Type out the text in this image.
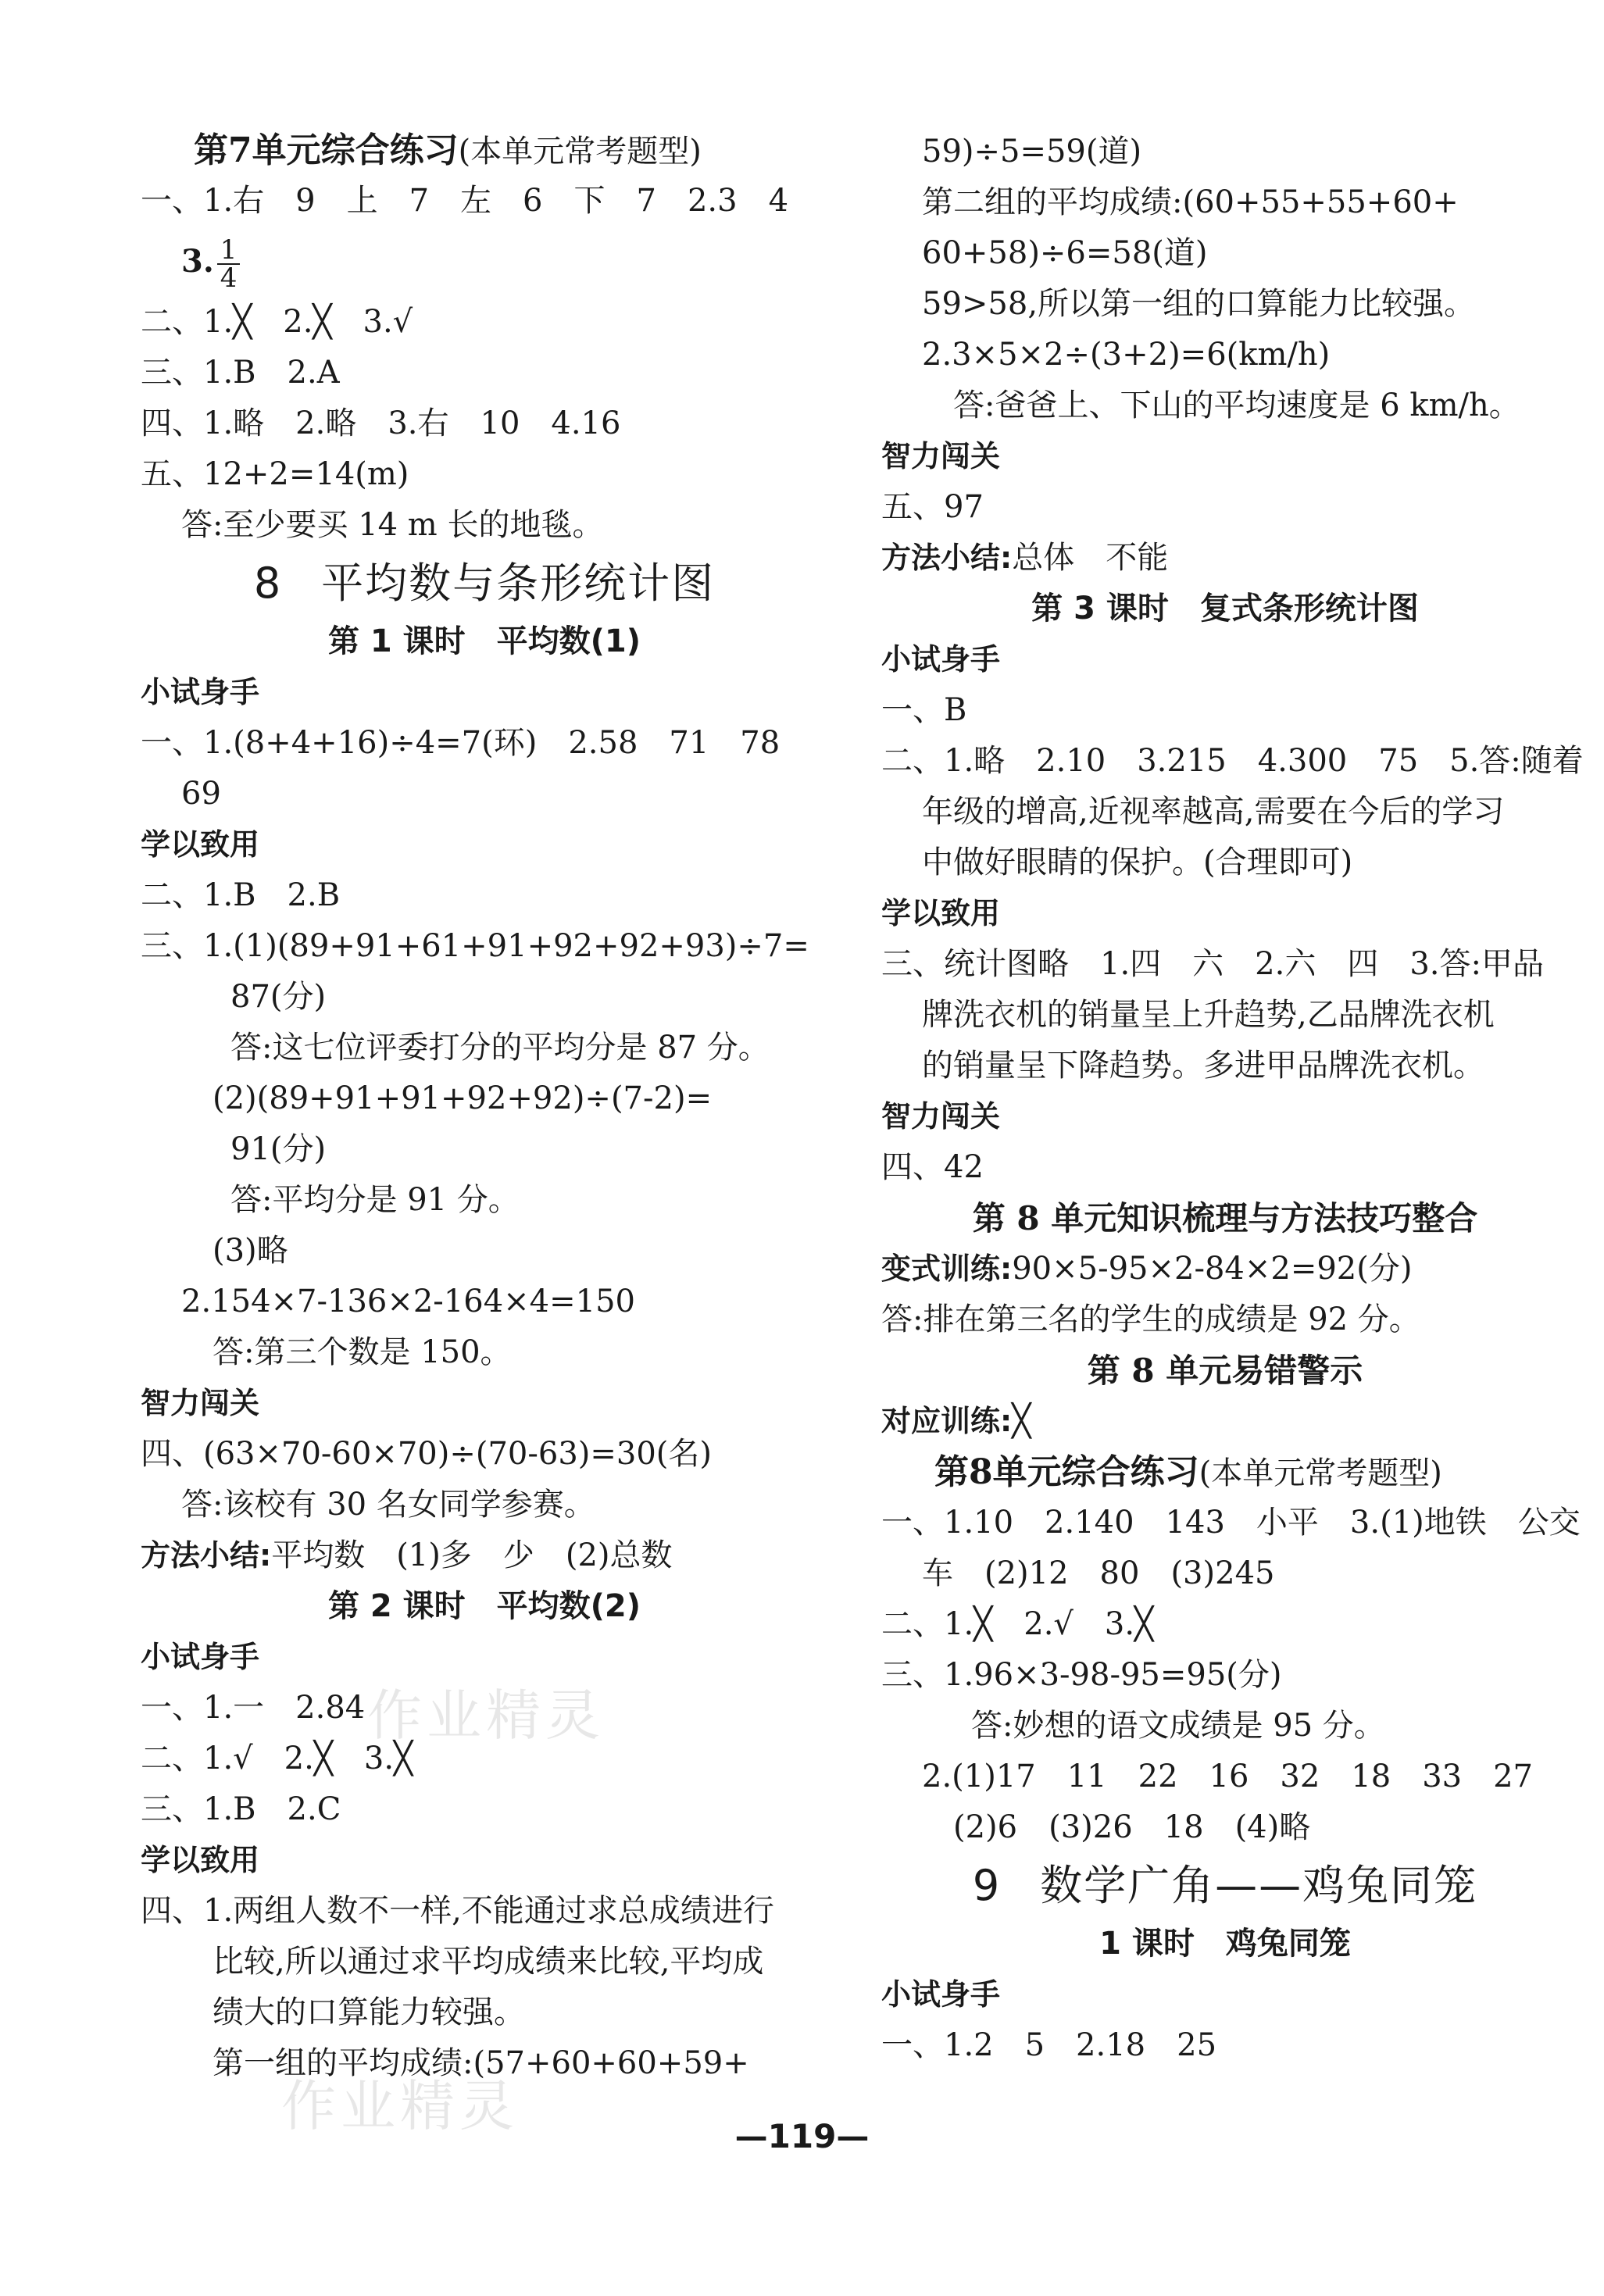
第7单元综合练习(本单元常考题型)
一、1.右　9　上　7　左　6　下　7　2.3　4
3. $\frac{1}{4}$
二、1.╳　2.╳　3.√
三、1.B　2.A
四、1.略　2.略　3.右　10　4.16
五、12+2=14(m)
答:至少要买 14 m 长的地毯。
8 平均数与条形统计图
第 1 课时　平均数(1)
小试身手
一、1.(8+4+16)÷4=7(环)　2.58　71　78
69
学以致用
二、1.B　2.B
三、1.(1)(89+91+61+91+92+92+93)÷7=
87(分)
答:这七位评委打分的平均分是 87 分。
　(2)(89+91+91+92+92)÷(7-2)=
91(分)
答:平均分是 91 分。
　(3)略
2.154×7-136×2-164×4=150
　答:第三个数是 150。
智力闯关
四、(63×70-60×70)÷(70-63)=30(名)
答:该校有 30 名女同学参赛。
方法小结:平均数　(1)多　少　(2)总数
第 2 课时　平均数(2)
小试身手
一、1.一　2.84
二、1.√　2.╳　3.╳
三、1.B　2.C
学以致用
四、1.两组人数不一样,不能通过求总成绩进行
　比较,所以通过求平均成绩来比较,平均成
　绩大的口算能力较强。
　第一组的平均成绩:(57+60+60+59+
59)÷5=59(道)
第二组的平均成绩:(60+55+55+60+
60+58)÷6=58(道)
59>58,所以第一组的口算能力比较强。
2.3×5×2÷(3+2)=6(km/h)
　答:爸爸上、下山的平均速度是 6 km/h。
智力闯关
五、97
方法小结:总体　不能
第 3 课时　复式条形统计图
小试身手
一、B
二、1.略　2.10　3.215　4.300　75　5.答:随着
年级的增高,近视率越高,需要在今后的学习
中做好眼睛的保护。(合理即可)
学以致用
三、统计图略　1.四　六　2.六　四　3.答:甲品
牌洗衣机的销量呈上升趋势,乙品牌洗衣机
的销量呈下降趋势。多进甲品牌洗衣机。
智力闯关
四、42
第 8 单元知识梳理与方法技巧整合
变式训练:90×5-95×2-84×2=92(分)
答:排在第三名的学生的成绩是 92 分。
第 8 单元易错警示
对应训练:╳
第8单元综合练习(本单元常考题型)
一、1.10　2.140　143　小平　3.(1)地铁　公交
车　(2)12　80　(3)245
二、1.╳　2.√　3.╳
三、1.96×3-98-95=95(分)
答:妙想的语文成绩是 95 分。
2.(1)17　11　22　16　32　18　33　27
　(2)6　(3)26　18　(4)略
9 数学广角——鸡兔同笼
1 课时　鸡兔同笼
小试身手
一、1.2　5　2.18　25
作业精灵
作业精灵	—119—
